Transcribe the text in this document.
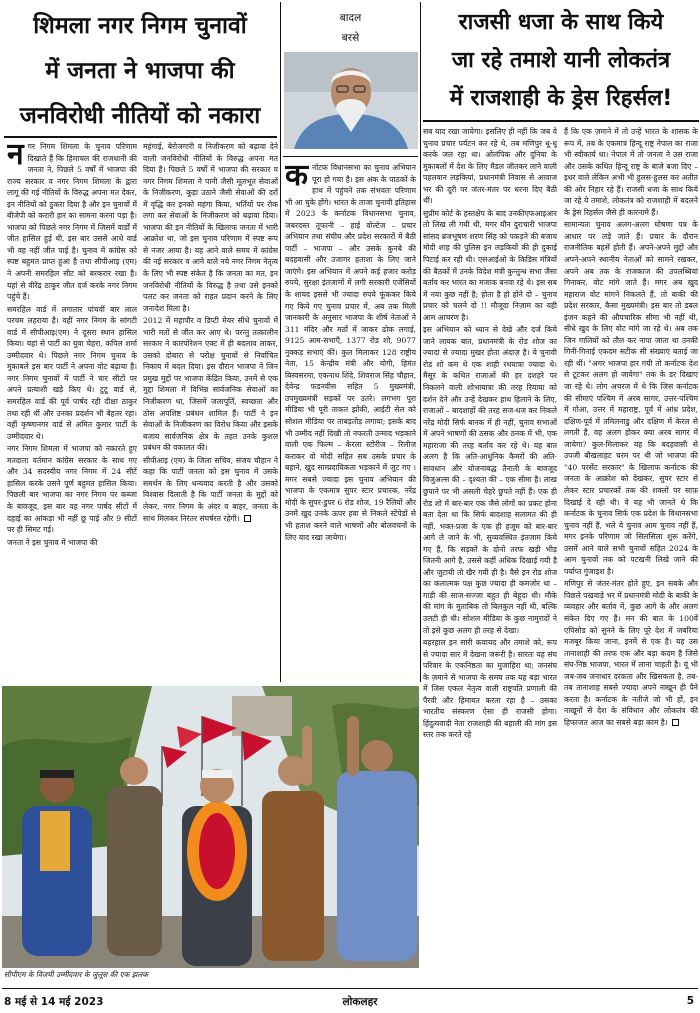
शिमला नगर निगम चुनावों
में जनता ने भाजपा की
जनविरोधी नीतियों को नकारा

नगर निगम शिमला के चुनाव परिणाम दिखाते हैं कि हिमाचल की राजधानी की जनता ने, पिछले 5 वर्षों में भाजपा की राज्य सरकार व नगर निगम शिमला के द्वारा लागू की गई नीतियों के विरुद्ध अपना मत देकर, इन नीतियों को ठुकरा दिया है और इन चुनावों में बीजेपी को करारी हार का सामना करना पड़ा है। भाजपा को पिछले नगर निगम में जिसमें वार्डों में जीत हासिल हुई थी, इस बार उससे आधे वार्ड भी वह नहीं जीत पाई है। चुनाव में कांग्रेस को स्पष्ट बहुमत प्राप्त हुआ है तथा सीपीआइ (एम) ने अपनी समरहिल सीट को बरकरार रखा है। यहां से वीरेंद्र ठाकुर जीत दर्ज करके नगर निगम पहुंचे हैं।

समरहिल वार्ड में लगातार पांचवीं बार लाल परचम लहराया है। वहीं नगर निगम के सांगटी वार्ड में सीपीआइ(एम) ने दूसरा स्थान हासिल किया। यहां से पार्टी का युवा चेहरा, कपिल शर्मा उम्मीदवार थे। पिछले नगर निगम चुनाव के मुकाबले इस बार पार्टी ने अपना वोट बढ़ाया है। नगर निगम चुनावों में पार्टी ने चार सीटों पर अपने प्रत्याशी खड़े किए थे। टुटू वार्ड से, समरहिल वार्ड की पूर्व पार्षद रही दीक्षा ठाकुर तथा रही थीं और उनका प्रदर्शन भी बेहतर रहा। वहीं कृष्णानगर वार्ड से अमित कुमार पार्टी के उम्मीदवार थे।

नगर निगम शिमला में भाजपा को नकारते हुए मतदाता वर्तमान कांग्रेस सरकार के साथ गए और 34 सदस्यीय नगर निगम में 24 सीटें हासिल करके उसने पूर्ण बहुमत हासिल किया। पिछली बार भाजपा का नगर निगम पर कब्जा के बावजूद, इस बार वह नगर पार्षद सीटों में दहाई का आंकड़ा भी नहीं छू पाई और 9 सीटों पर ही सिमट गई।

जनता ने इस चुनाव में भाजपा की

महंगाई, बेरोजगारी व निजीकरण को बढ़ावा देने वाली जनविरोधी नीतियों के विरुद्ध अपना मत दिया है। पिछले 5 वर्षों में भाजपा की सरकार व नगर निगम शिमला ने पानी जैसी मूलभूत सेवाओं के निजीकरण, कूड़ा उठाने जैसी सेवाओं की दरों में वृद्धि कर इनको महंगा किया, भर्तियों पर रोक लगा कर सेवाओं के निजीकरण को बढ़ावा दिया। भाजपा की इन नीतियों के खिलाफ जनता में भारी आक्रोश था, जो इस चुनाव परिणाम में स्पष्ट रूप से नजर आया है। यह आने वाले समय में कांग्रेस की नई सरकार व आने वाले नये नगर निगम नेतृत्व के लिए भी स्पष्ट संकेत है कि जनता का मत, इन जनविरोधी नीतियों के विरुद्ध है तथा उसे इनको पलट कर जनता को राहत प्रदान करने के लिए जनादेश मिला है।

2012 में महापौर व डिप्टी मेयर सीधे चुनावों में भारी मतों से जीत कर आए थे। परन्तु तत्कालीन सरकार ने कारपोरेशन एक्ट में ही बदलाव लाकर, उसको दोबारा से परोक्ष चुनावों से निर्वाचित निकाय में बदल दिया। इस दौरान भाजपा ने जिन प्रमुख मुद्दों पर भाजपा केंद्रित किया, उनमें से एक मुद्दा शिमला में विभिन्न सार्वजनिक सेवाओं का निजीकरण था, जिसमें जलापूर्ति, स्वच्छता और ठोस अपशिष्ट प्रबंधन शामिल हैं। पार्टी ने इन सेवाओं के निजीकरण का विरोध किया और इसके बजाय सार्वजनिक क्षेत्र के तहत उनके कुशल प्रबंधन की वकालत की।

सीपीआइ (एम) के जिला सचिव, संजय चौहान ने कहा कि पार्टी जनता को इस चुनाव में उसके समर्थन के लिए धन्यवाद करती है और उसको विश्वास दिलाती है कि पार्टी जनता के मुद्दों को लेकर, नगर निगम के अंदर व बाहर, जनता के साथ मिलकर निरंतर संघर्षरत रहेगी।

बादल
बरसे

कर्नाटक विधानसभा का चुनाव अभियान पूरा हो गया है। इस अंक के पाठकों के हाथ में पहुंचने तक संभवतः परिणाम भी आ चुके होंगे। भारत के ताजा चुनावी इतिहास में 2023 के कर्नाटक विधानसभा चुनाव, जबरदस्त तूफानी – हाई वोल्टेज – प्रचार अभियान तथा संघीय और प्रदेश सरकारों में बैठी पार्टी – भाजपा – और उसके कुनबे की बदहवासी और उजागर हताशा के लिए जाने जाएंगे। इस अभियान में अपने कई हजार करोड़ रुपये, सुरक्षा इंतजामों में लगी सरकारी एजेंसियों के शायद इससे भी ज्यादा रुपये फूंककर किये गए किये गए चुनाव प्रचार में, अब तक मिली जानकारी के अनुसार भाजपा के शीर्ष नेताओं ने 311 मंदिर और मठों में जाकर ढोक लगाई, 9125 आम-सभाएँ, 1377 रोड शो, 9077 नुक्कड़ सभाएं कीं। कुल मिलाकर 128 राष्ट्रीय नेता, 15 केन्द्रीय मंत्री और योगी, हिमंत बिस्वसरमा, एकनाथ शिंदे, शिवराज सिंह चौहान, देवेन्द्र फडनवीस सहित 5 मुख्यमंत्री, उपमुख्यमंत्री सड़कों पर उतरे। लगभग पूरा मीडिया भी पूरी ताकत झोंकी, आईटी सेल को सोशल मीडिया पर ताबड़तोड़ लगाया; इसके बाद भी उम्मीद नहीं दिखी तो नफरती उन्माद भड़काने वाली एक फिल्म – केरला स्टोरीज – रिलीज कराकर वो मोदी सहित सब उसके प्रचार के बहाने, खुद साम्प्रदायिकता भड़काने में जुट गए । मगर सबसे ज्यादा इस चुनाव अभियान की भाजपा के एकमात्र सुपर स्टार प्रचारक, नरेंद्र मोदी के सुपर-डुपर 6 रोड शोज, 19 रैलियों और उनमें खुद उनके ऊपर हवा से निकले स्टेंपेडों से भी हताश करने वाले भाषणों और बोलवचनों के लिए याद रखा जायेगा।

राजसी धजा के साथ किये
जा रहे तमाशे यानी लोकतंत्र
में राजशाही के ड्रेस रिहर्सल!

सब याद रखा जायेगा। इसलिए ही नहीं कि जब वे चुनाव प्रचार पर्यटन कर रहे थे, तब मणिपुर धू-धू करके जल रहा था। ओलंपिक और दुनिया के मुकाबलों में देश के लिए मैडल जीतकर लाने वाली पहलवान लड़कियां, प्रधानमंत्री निवास से आवाज भर की दूरी पर जंतर-मंतर पर धरना दिए बैठी थीं।

सुप्रीम कोर्ट के हस्तक्षेप के बाद उनकीएफआइआर तो लिख ली गयी थी, मगर यौन दुराचारी भाजपा सांसद ब्रजभूषण शरण सिंह को पकड़ने की बजाय मोदी शाह की पुलिस इन लड़कियों की ही दुकाई पिटाई कर रही थी। एसआईओ के किडिस मंत्रियों की बैठकों में उनके विदेश मंत्री कुन्तुन्ध सभा जैसा बर्ताव कर भारत का मजाक बनवा रहे थे। इस सब में नया कुछ नहीं है; होता है हो होने दो – चुनाव प्रचार को चलने दो !! मौजूदा निज़ाम का यही आम आचरण है।

इस अभियान को ध्यान से देखे और दर्ज किये जाने लायक बात, प्रधानमंत्री के रोड शोज का ज्यादा से ज्यादा मुखर होता अंदाज़ है। ये चुनावी रोड शो कम थे एक शाही रथयात्रा ज्यादा थे। मैसूर के कथित राजाओं की हर दशहरे पर निकलने वाली शोभायात्रा की तरह रियाया को दर्शन देने और उन्हें देखकर हाथ हिलाने के लिए, राजाओं – बादशाहों की तरह सज-धज कर निकले नरेंद्र मोदी सिर्फ बानक में ही नहीं, चुनाव सभाओं में अपने भाषणों की ठसक और ठनक में भी, एक महाराजा की तरह बर्ताव कर रहे थे। यह बात अलग है कि अति-आधुनिक कैमरों की अति-सावधान और योजनाबद्ध तैनाती के बावजूद विजुअल्स की – दृश्यता की – एक सीमा है। लाख छुपाने पर भी असली चेहरे छुपते नहीं हैं। एक ही रोड शो में बार-बार एक जैसे लोगों का प्रकट होना बता देता था कि सिर्फ बादशाह सलामत की ही नहीं, भक्त-प्रजा के एक ही हजूम को बार-बार आगे ले जाने के भी, सुव्यवस्थित इंतजाम किये गए हैं, कि सड़कों के दोनों तरफ खड़ी भीड़ जितनी आगे है, उससे कहीं अधिक दिखाई गयी है और जुटायी तो खैर गयी ही है। वैसे इन रोड शोज का कलात्मक पक्ष कुछ ज्यादा ही कमजोर था – गाड़ी की साज-सज्जा बहुत ही बेहूदा थी। मौके की मांग के मुताबिक तो बिलकुल नहीं थी, बल्कि उलटी ही थी। सोशल मीडिया के कुछ नामुरादों ने तो इसे कुछ अलग ही तरह से देखा।

बहरहाल इन सारी कवायद और तमाशे को, रूप से ज्यादा सार में देखना जरूरी है। सारतः यह संघ परिवार के एकनिष्ठता का मुजाहिरा था; जनसंघ के ज़माने से भाजपा के समय तक यह बड़ा भारत में जिस एकल नेतृत्व वाली राष्ट्रपति प्रणाली की पैरवी और हिमायत करता रहा है – उसका भारतीय संस्करण ऐसा ही राजसी होगा। हिंदुत्ववादी नेता राजशाही की बहाली की मांग इस स्तर तक करते रहे

हैं कि एक ज़माने में तो उन्हें भारत के शासक के रूप में, तब के एकमात्र हिन्दू राष्ट्र नेपाल का राजा भी स्वीकार्य था। नेपाल में तो जनता ने उस राजा और उसके कथित हिन्दू राष्ट्र के बाजे बजा दिए – इधर वाले लेकिन अभी भी हुलस-हुलस कर अतीत की ओर निहार रहे हैं। राजसी धजा के साथ किये जा रहे ये तमाशे, लोकतंत्र को राजशाही में बदलने के ड्रेस रिहर्सल जैसे ही कारनामे हैं।

सामान्यतः चुनाव अलग-अलग घोषणा पत्र के आधार पर लड़े जाते हैं। प्रचार के दौरान राजनीतिक बहसें होती हैं। अपने-अपने मुद्दों और अपने-अपने स्थानीय नेताओं को सामने रखकर, अपने अब तक के राजकाज की उपलब्धियां गिनाकर, वोट मांगे जाते हैं। मगर अब खुद महाराज वोट मांगने निकलते हैं, तो बाकी की प्रदेश सरकार, कैसा मुख्यमंत्री। इस बार तो डबल इंजन कहने की औपचारिक सीमा भी नहीं थी, सीधे खुद के लिए वोट मांगे जा रहे थे। अब तक जिन गालियों को तौल कर नापा जाता था उनकी गिनी-गिनाई एकदम सटीक सी संख्याएं बताई जा रही थीं। "अगर भाजपा हार गयी तो कर्नाटक देश से टूटकर अलग हो जायेगा" तक के डर दिखाए जा रहे थे। लोग अचरज में थे कि जिस कर्नाटक की सीमाएं पश्चिम में अरब सागर, उत्तर-पश्चिम में गोआ, उत्तर में महाराष्ट्र, पूर्व में आंध्र प्रदेश, दक्षिण-पूर्व में तमिलनाडु और दक्षिण में केरल से लगती हैं, वह अलग होकर क्या अरब सागर में जायेगा? कुल-मिलाकर यह कि बदहवासी से उपजी बौखलाहट चरम पर थी जो भाजपा की "40 परसेंट सरकार" के खिलाफ कर्नाटक की जनता के आक्रोश को देखकर, सुपर स्टार से लेकर स्टार प्रचारकों तक की शक्लों पर साफ़ दिखाई दे रही थी। वे यह भी जानते थे कि कर्नाटक के चुनाव सिर्फ एक प्रदेश के विधानसभा चुनाव नहीं हैं, भले ये चुनाव आम चुनाव नहीं हैं, मगर इनके परिणाम जो सिलसिला शुरू करेंगे, उसमें आने वाले सभी चुनावों सहित 2024 के आम चुनावों तक को पटखनी लिखे जाने की पर्याप्त गुंजाइश है।

मणिपुर से जंतर-मंतर होते हुए, इन सबके और पिछले पखवाड़े भर में प्रधानमंत्री मोदी के बाकी के व्यवहार और बर्ताव में, कुछ आगे के और अलग संकेत दिए गए हैं। मन की बात के 100वें एपिसोड को सुनने के लिए पूरे देश में जबरिया मजबूर किया जाना, इनमें से एक है। यह उस तानाशाही की तरफ एक और बड़ा कदम है जिसे संघ-निष्ठ भाजपा, भारत में लाना चाहती है। यूं भी जब-जब जनाधार दरकता और खिसकता है, तब-तब तानाशाह सबसे ज्यादा अपने नाखून ही पैने करता है। कर्नाटक के नतीजे जो भी हों, इन नाखूनों से देश के संविधान और लोकतंत्र की हिफाजत आज का सबसे बड़ा काम है।

सीपीएम के विजयी उम्मीदवार के जुलूस की एक झलक
8 मई से 14 मई 2023	लोकलहर	5
